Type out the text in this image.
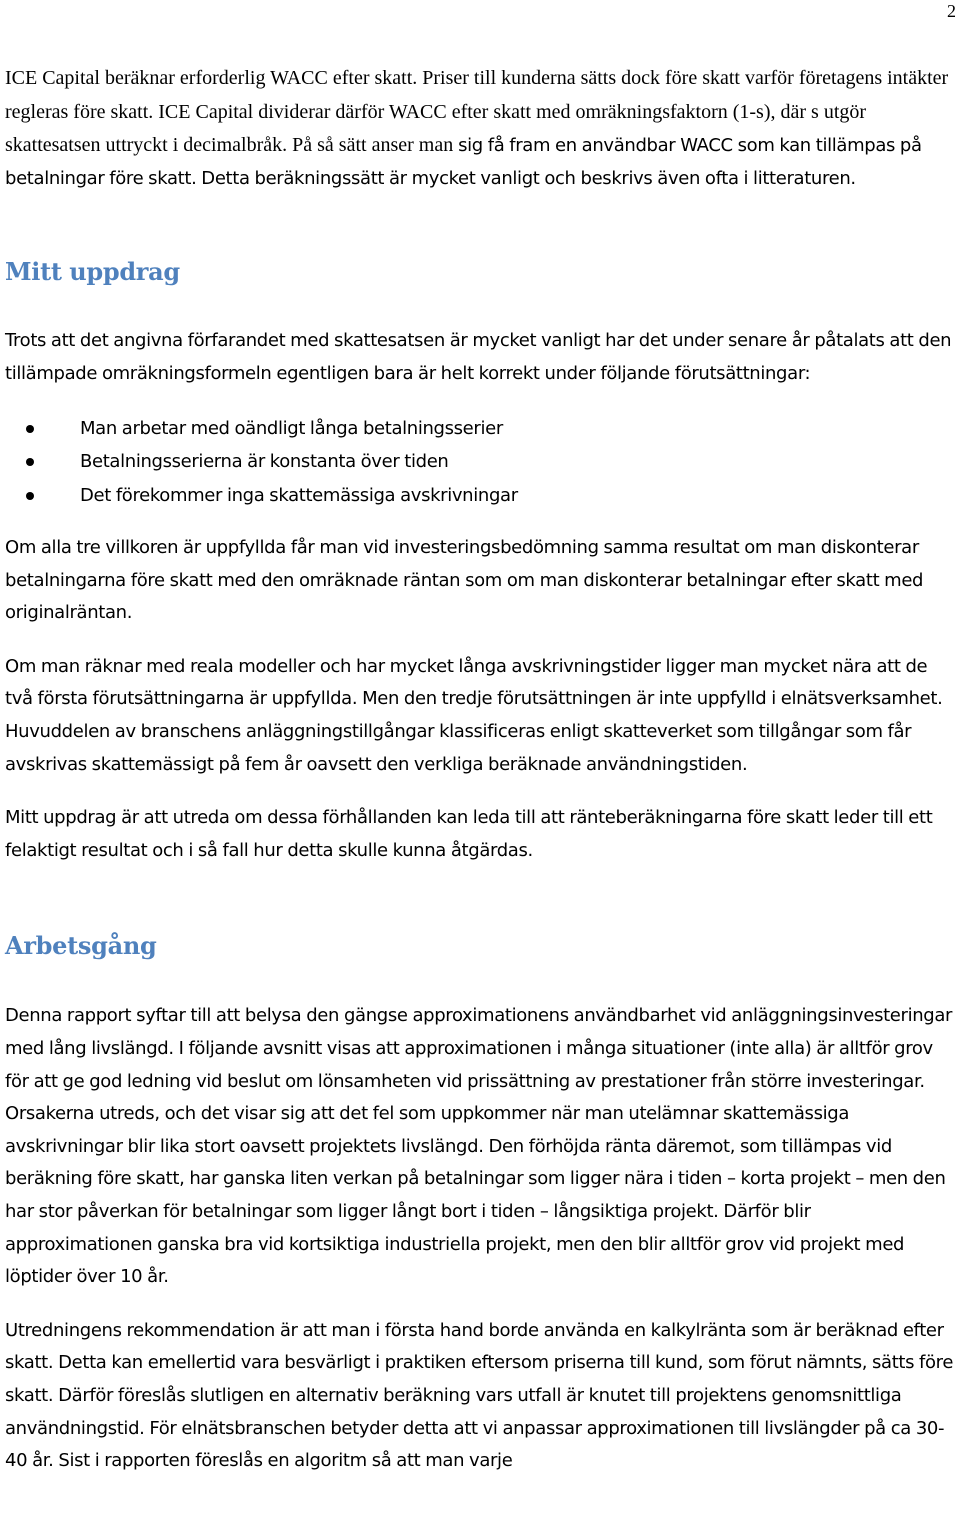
2

ICE Capital beräknar erforderlig WACC efter skatt. Priser till kunderna sätts dock före skatt varför företagens intäkter regleras före skatt. ICE Capital dividerar därför WACC efter skatt med omräkningsfaktorn (1-s), där s utgör skattesatsen uttryckt i decimalbråk. På så sätt anser man sig få fram en användbar WACC som kan tillämpas på betalningar före skatt. Detta beräkningssätt är mycket vanligt och beskrivs även ofta i litteraturen.

Mitt uppdrag

Trots att det angivna förfarandet med skattesatsen är mycket vanligt har det under senare år påtalats att den tillämpade omräkningsformeln egentligen bara är helt korrekt under följande förutsättningar:

Man arbetar med oändligt långa betalningsserier
Betalningsserierna är konstanta över tiden
Det förekommer inga skattemässiga avskrivningar

Om alla tre villkoren är uppfyllda får man vid investeringsbedömning samma resultat om man diskonterar betalningarna före skatt med den omräknade räntan som om man diskonterar betalningar efter skatt med originalräntan.

Om man räknar med reala modeller och har mycket långa avskrivningstider ligger man mycket nära att de två första förutsättningarna är uppfyllda. Men den tredje förutsättningen är inte uppfylld i elnätsverksamhet. Huvuddelen av branschens anläggningstillgångar klassificeras enligt skatteverket som tillgångar som får avskrivas skattemässigt på fem år oavsett den verkliga beräknade användningstiden.

Mitt uppdrag är att utreda om dessa förhållanden kan leda till att ränteberäkningarna före skatt leder till ett felaktigt resultat och i så fall hur detta skulle kunna åtgärdas.

Arbetsgång

Denna rapport syftar till att belysa den gängse approximationens användbarhet vid anläggningsinvesteringar med lång livslängd. I följande avsnitt visas att approximationen i många situationer (inte alla) är alltför grov för att ge god ledning vid beslut om lönsamheten vid prissättning av prestationer från större investeringar. Orsakerna utreds, och det visar sig att det fel som uppkommer när man utelämnar skattemässiga avskrivningar blir lika stort oavsett projektets livslängd. Den förhöjda ränta däremot, som tillämpas vid beräkning före skatt, har ganska liten verkan på betalningar som ligger nära i tiden – korta projekt – men den har stor påverkan för betalningar som ligger långt bort i tiden – långsiktiga projekt. Därför blir approximationen ganska bra vid kortsiktiga industriella projekt, men den blir alltför grov vid projekt med löptider över 10 år.

Utredningens rekommendation är att man i första hand borde använda en kalkylränta som är beräknad efter skatt. Detta kan emellertid vara besvärligt i praktiken eftersom priserna till kund, som förut nämnts, sätts före skatt. Därför föreslås slutligen en alternativ beräkning vars utfall är knutet till projektens genomsnittliga användningstid. För elnätsbranschen betyder detta att vi anpassar approximationen till livslängder på ca 30-40 år. Sist i rapporten föreslås en algoritm så att man varje
